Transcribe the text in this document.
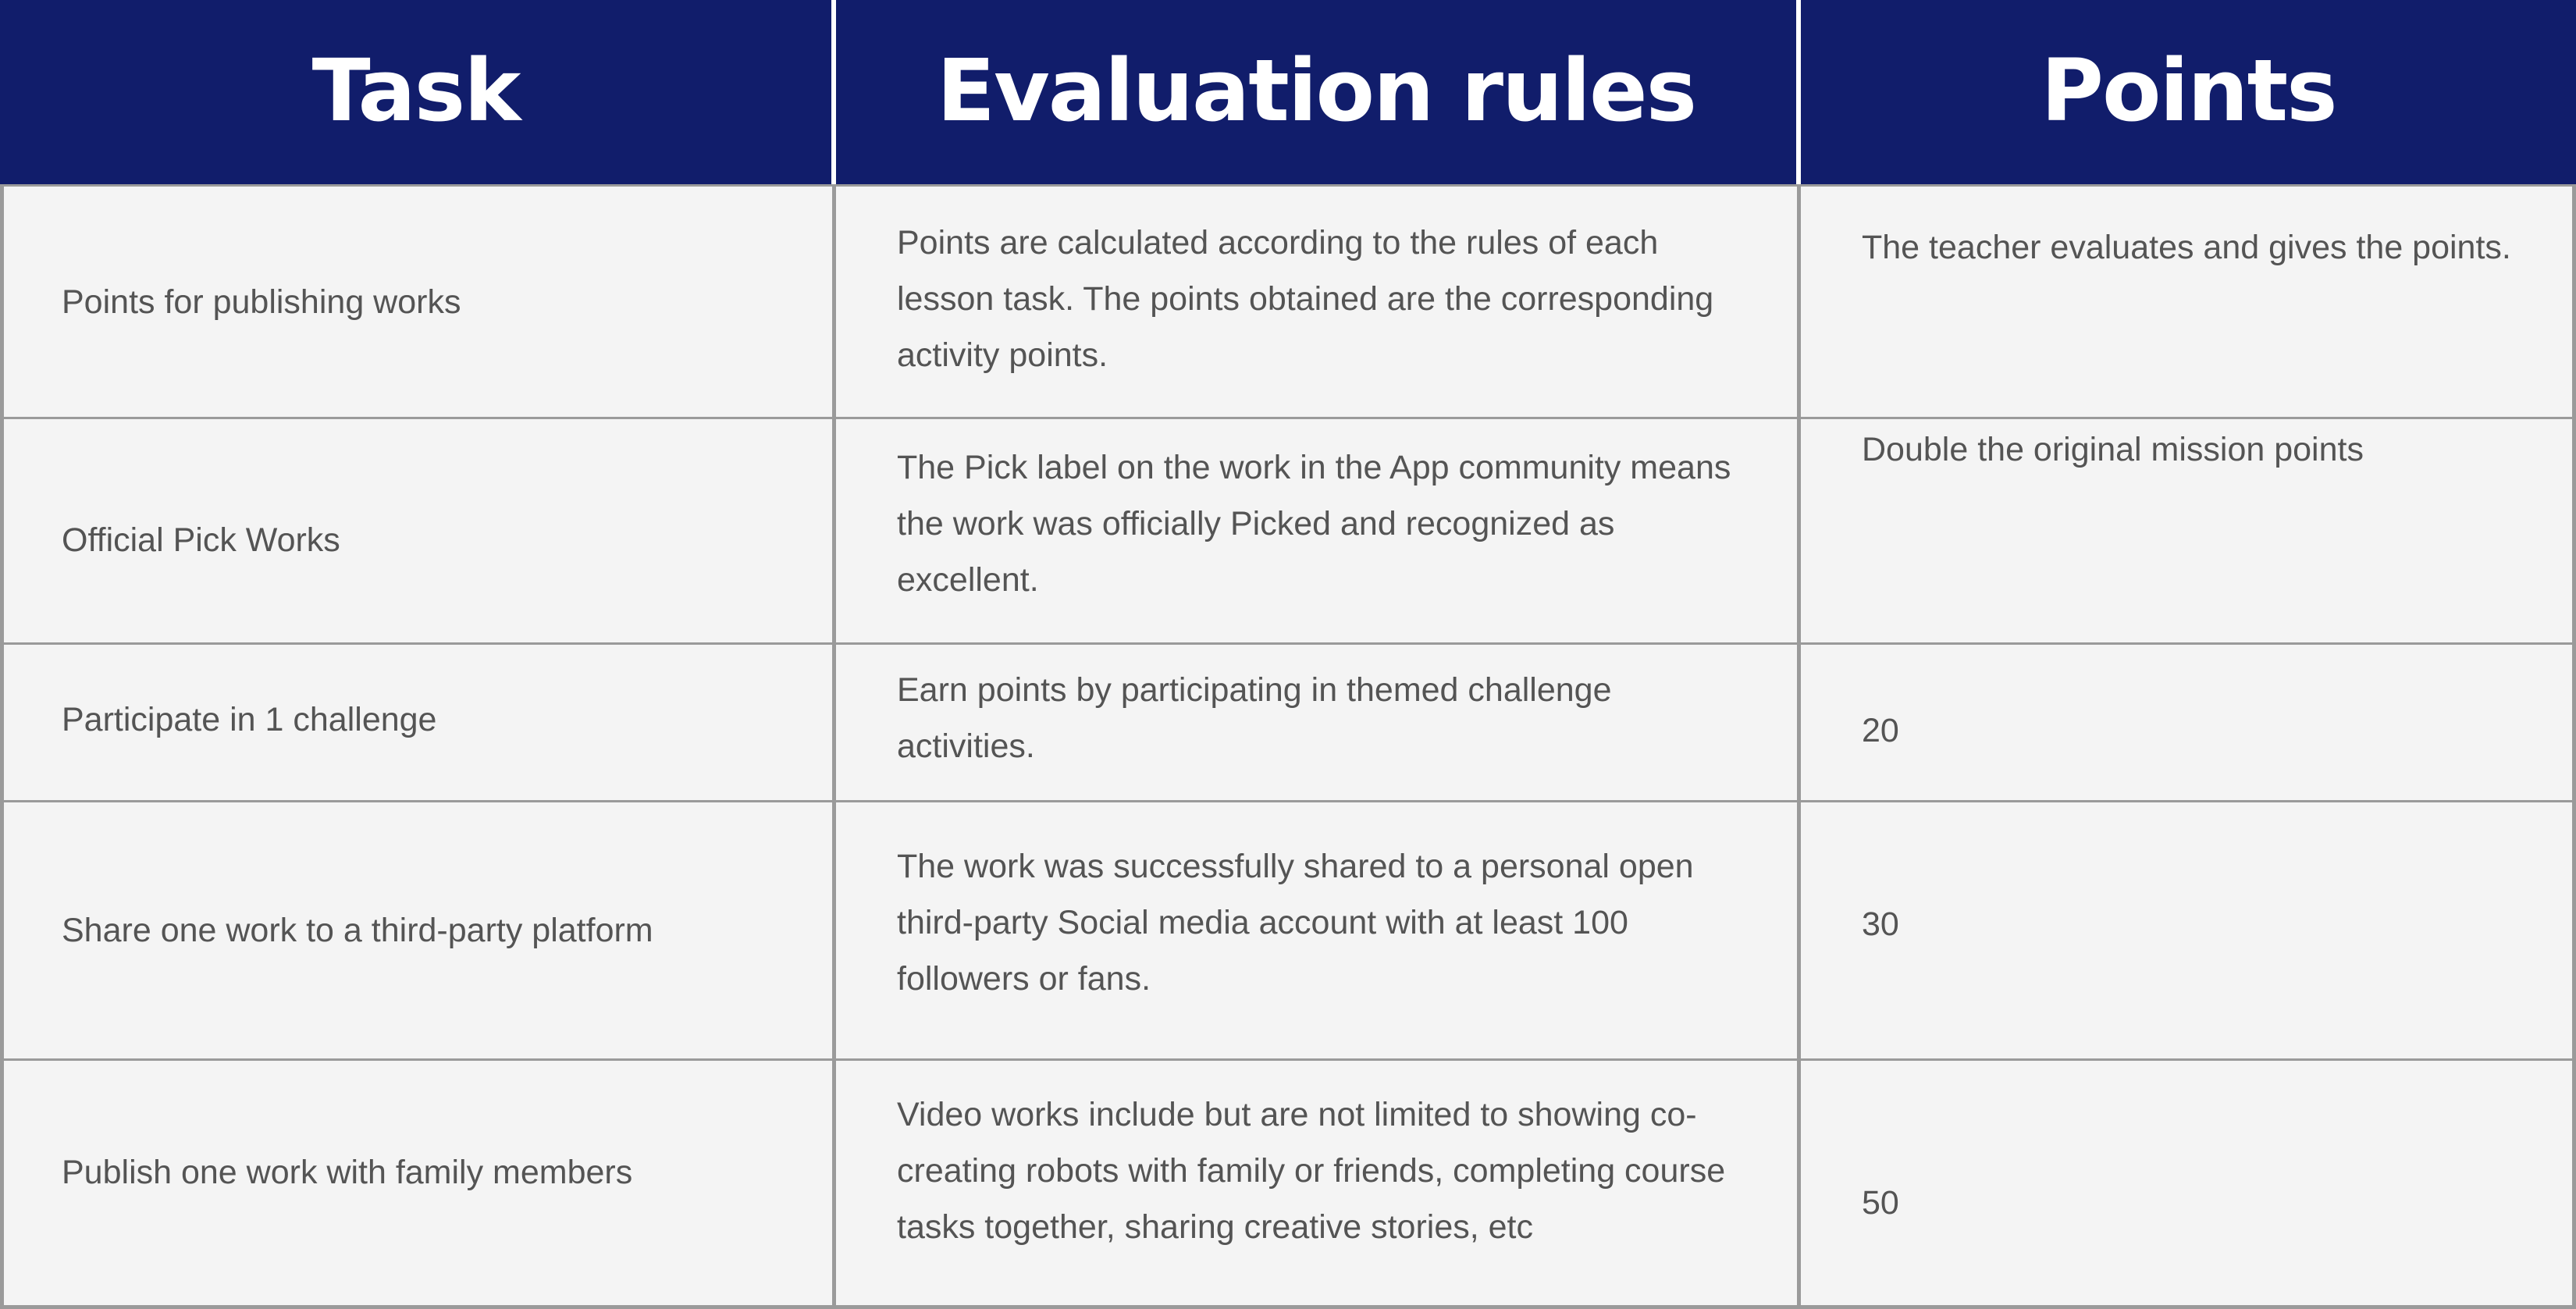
Task	Evaluation rules	Points

Points for publishing works	Points are calculated according to the rules of each lesson task. The points obtained are the corresponding activity points.	The teacher evaluates and gives the points.

Official Pick Works	The Pick label on the work in the App community means the work was officially Picked and recognized as excellent.	Double the original mission points

Participate in 1 challenge	Earn points by participating in themed challenge activities.	20

Share one work to a third-party platform	The work was successfully shared to a personal open third-party Social media account with at least 100 followers or fans.	30

Publish one work with family members	Video works include but are not limited to showing co-creating robots with family or friends, completing course tasks together, sharing creative stories, etc	50
